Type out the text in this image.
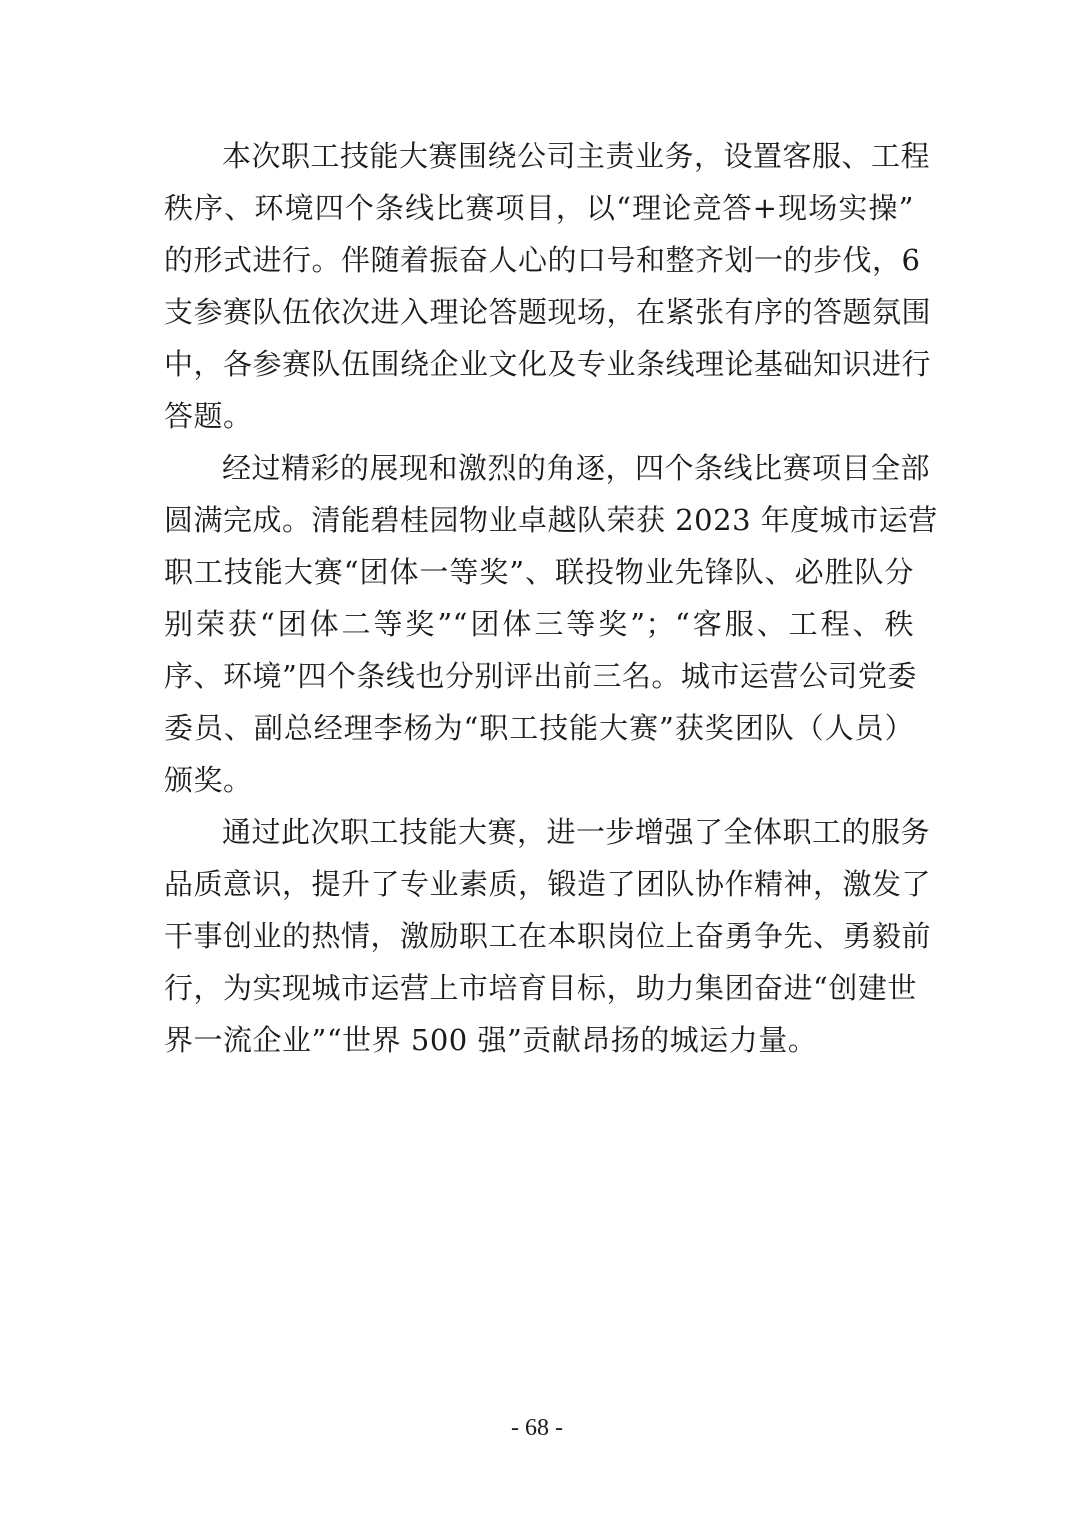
本次职工技能大赛围绕公司主责业务，设置客服、工程
秩序、环境四个条线比赛项目，以“理论竞答+现场实操”
的形式进行。伴随着振奋人心的口号和整齐划一的步伐，6
支参赛队伍依次进入理论答题现场，在紧张有序的答题氛围
中，各参赛队伍围绕企业文化及专业条线理论基础知识进行
答题。
经过精彩的展现和激烈的角逐，四个条线比赛项目全部
圆满完成。清能碧桂园物业卓越队荣获 2023 年度城市运营
职工技能大赛“团体一等奖”、联投物业先锋队、必胜队分
别荣获“团体二等奖”“团体三等奖”；“客服、工程、秩
序、环境”四个条线也分别评出前三名。城市运营公司党委
委员、副总经理李杨为“职工技能大赛”获奖团队（人员）
颁奖。
通过此次职工技能大赛，进一步增强了全体职工的服务
品质意识，提升了专业素质，锻造了团队协作精神，激发了
干事创业的热情，激励职工在本职岗位上奋勇争先、勇毅前
行，为实现城市运营上市培育目标，助力集团奋进“创建世
界一流企业”“世界 500 强”贡献昂扬的城运力量。
- 68 -
